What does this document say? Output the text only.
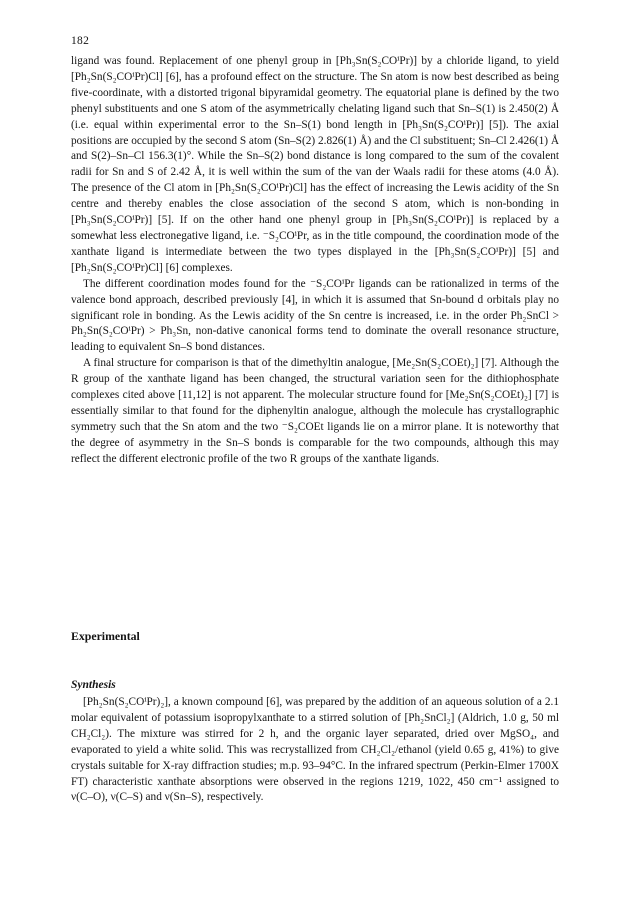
182

ligand was found. Replacement of one phenyl group in [Ph₃Sn(S₂COⁱPr)] by a chloride ligand, to yield [Ph₂Sn(S₂COⁱPr)Cl] [6], has a profound effect on the structure. The Sn atom is now best described as being five-coordinate, with a distorted trigonal bipyramidal geometry. The equatorial plane is defined by the two phenyl substituents and one S atom of the asymmetrically chelating ligand such that Sn–S(1) is 2.450(2) Å (i.e. equal within experimental error to the Sn–S(1) bond length in [Ph₃Sn(S₂COⁱPr)] [5]). The axial positions are occupied by the second S atom (Sn–S(2) 2.826(1) Å) and the Cl substituent; Sn–Cl 2.426(1) Å and S(2)–Sn–Cl 156.3(1)°. While the Sn–S(2) bond distance is long compared to the sum of the covalent radii for Sn and S of 2.42 Å, it is well within the sum of the van der Waals radii for these atoms (4.0 Å). The presence of the Cl atom in [Ph₂Sn(S₂COⁱPr)Cl] has the effect of increasing the Lewis acidity of the Sn centre and thereby enables the close association of the second S atom, which is non-bonding in [Ph₃Sn(S₂COⁱPr)] [5]. If on the other hand one phenyl group in [Ph₃Sn(S₂COⁱPr)] is replaced by a somewhat less electronegative ligand, i.e. ⁻S₂COⁱPr, as in the title compound, the coordination mode of the xanthate ligand is intermediate between the two types displayed in the [Ph₃Sn(S₂COⁱPr)] [5] and [Ph₂Sn(S₂COⁱPr)Cl] [6] complexes.

The different coordination modes found for the ⁻S₂COⁱPr ligands can be rationalized in terms of the valence bond approach, described previously [4], in which it is assumed that Sn-bound d orbitals play no significant role in bonding. As the Lewis acidity of the Sn centre is increased, i.e. in the order Ph₂SnCl > Ph₂Sn(S₂COⁱPr) > Ph₃Sn, non-dative canonical forms tend to dominate the overall resonance structure, leading to equivalent Sn–S bond distances.

A final structure for comparison is that of the dimethyltin analogue, [Me₂Sn(S₂COEt)₂] [7]. Although the R group of the xanthate ligand has been changed, the structural variation seen for the dithiophosphate complexes cited above [11,12] is not apparent. The molecular structure found for [Me₂Sn(S₂COEt)₂] [7] is essentially similar to that found for the diphenyltin analogue, although the molecule has crystallographic symmetry such that the Sn atom and the two ⁻S₂COEt ligands lie on a mirror plane. It is noteworthy that the degree of asymmetry in the Sn–S bonds is comparable for the two compounds, although this may reflect the different electronic profile of the two R groups of the xanthate ligands.

Experimental
Synthesis

[Ph₂Sn(S₂COⁱPr)₂], a known compound [6], was prepared by the addition of an aqueous solution of a 2.1 molar equivalent of potassium isopropylxanthate to a stirred solution of [Ph₂SnCl₂] (Aldrich, 1.0 g, 50 ml CH₂Cl₂). The mixture was stirred for 2 h, and the organic layer separated, dried over MgSO₄, and evaporated to yield a white solid. This was recrystallized from CH₂Cl₂/ethanol (yield 0.65 g, 41%) to give crystals suitable for X-ray diffraction studies; m.p. 93–94°C. In the infrared spectrum (Perkin-Elmer 1700X FT) characteristic xanthate absorptions were observed in the regions 1219, 1022, 450 cm⁻¹ assigned to ν(C–O), ν(C–S) and ν(Sn–S), respectively.
